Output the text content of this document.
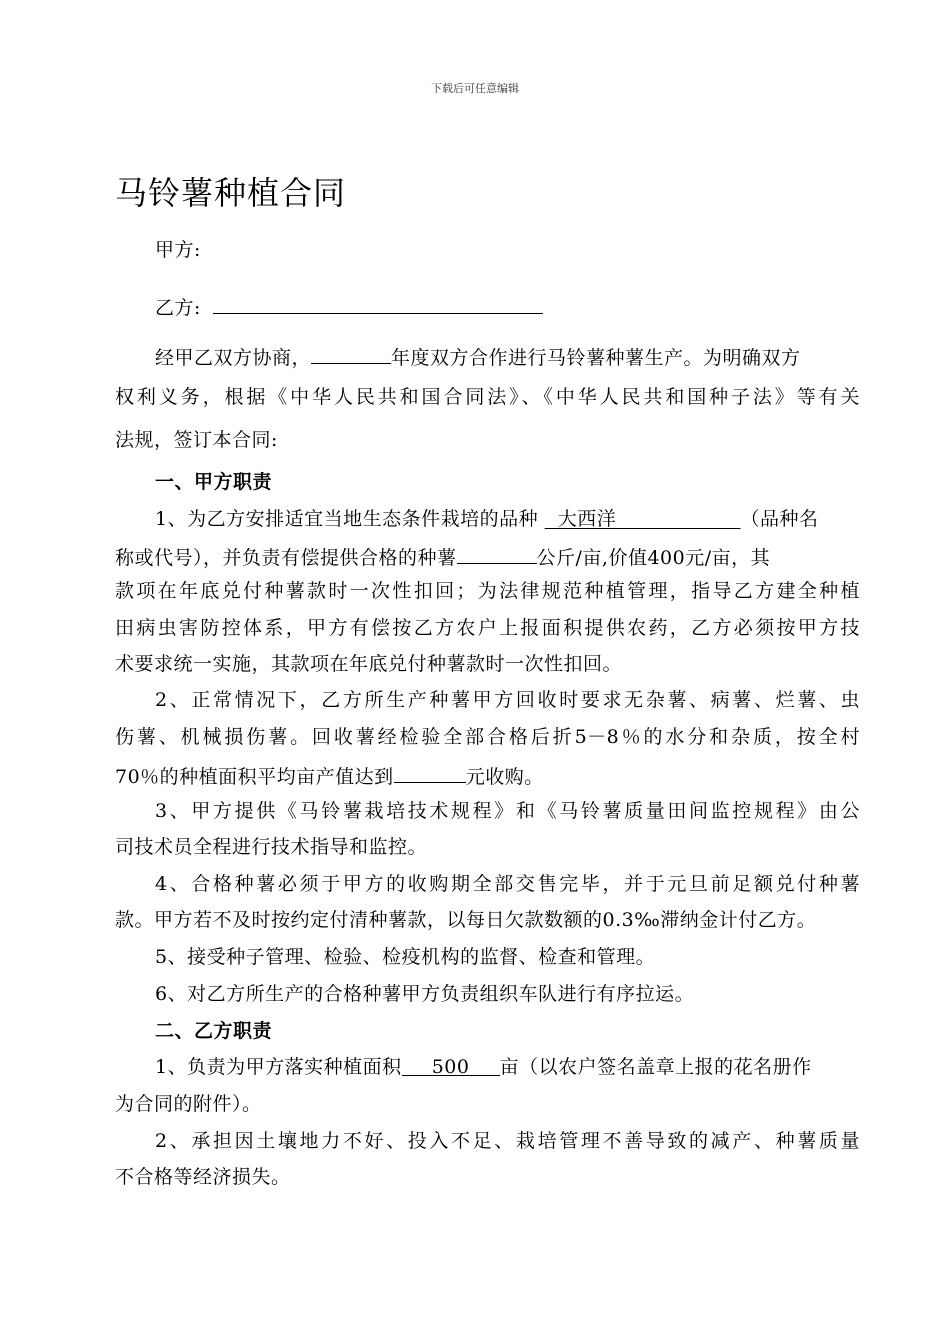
下载后可任意编辑
马铃薯种植合同
甲方:
乙方:
经甲乙双方协商，	年度双方合作进行马铃薯种薯生产。为明确双方
权利义务，根据《中华人民共和国合同法》、《中华人民共和国种子法》等有关
法规，签订本合同:
一、甲方职责
1、为乙方安排适宜当地生态条件栽培的品种   大西洋	（品种名
称或代号），并负责有偿提供合格的种薯	公斤/亩,价值400元/亩，其
款项在年底兑付种薯款时一次性扣回；为法律规范种植管理，指导乙方建全种植
田病虫害防控体系，甲方有偿按乙方农户上报面积提供农药，乙方必须按甲方技
术要求统一实施，其款项在年底兑付种薯款时一次性扣回。
2、正常情况下，乙方所生产种薯甲方回收时要求无杂薯、病薯、烂薯、虫
伤薯、机械损伤薯。回收薯经检验全部合格后折5－8％的水分和杂质，按全村
70％的种植面积平均亩产值达到	元收购。
3、甲方提供《马铃薯栽培技术规程》和《马铃薯质量田间监控规程》由公
司技术员全程进行技术指导和监控。
4、合格种薯必须于甲方的收购期全部交售完毕，并于元旦前足额兑付种薯
款。甲方若不及时按约定付清种薯款，以每日欠款数额的0.3‰滞纳金计付乙方。
5、接受种子管理、检验、检疫机构的监督、检查和管理。
6、对乙方所生产的合格种薯甲方负责组织车队进行有序拉运。
二、乙方职责
1、负责为甲方落实种植面积 500 亩（以农户签名盖章上报的花名册作
为合同的附件）。
2、承担因土壤地力不好、投入不足、栽培管理不善导致的减产、种薯质量
不合格等经济损失。
